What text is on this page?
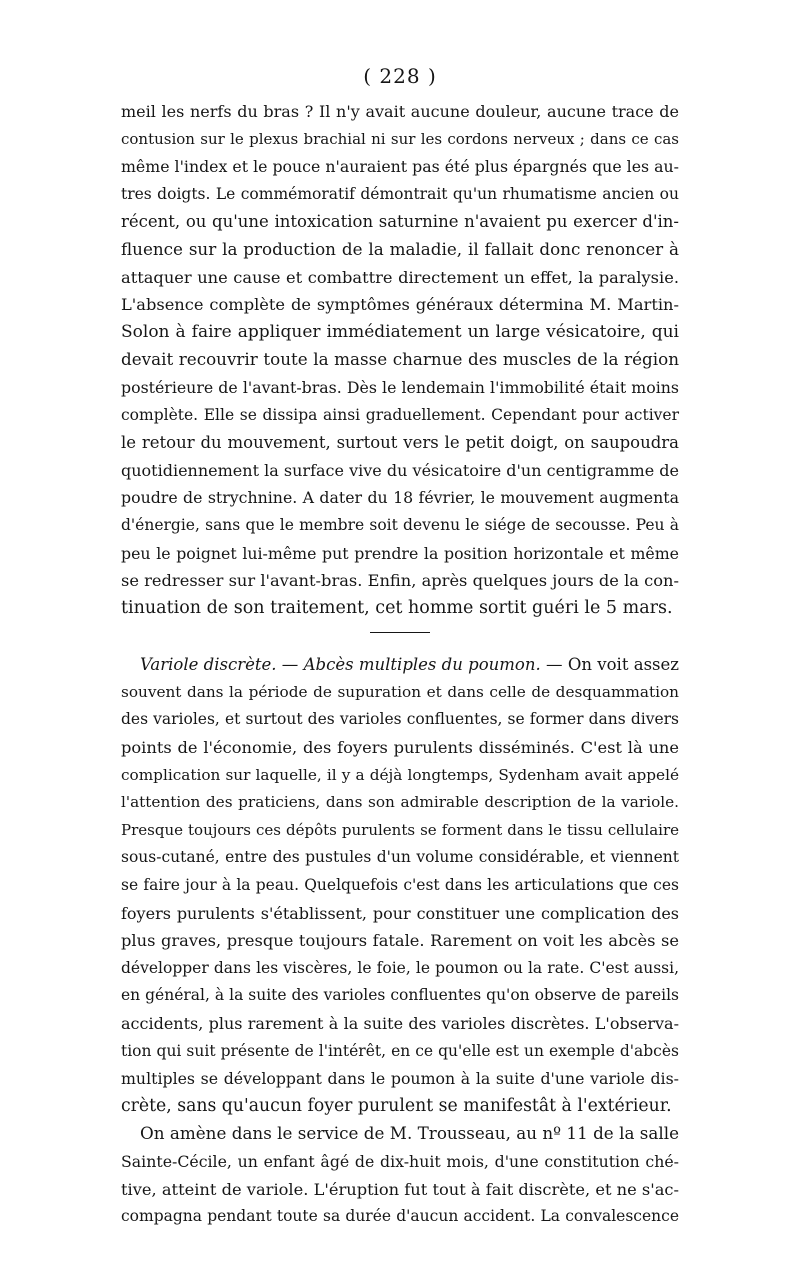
( 228 )

meil les nerfs du bras ? Il n'y avait aucune douleur, aucune trace de
contusion sur le plexus brachial ni sur les cordons nerveux ; dans ce cas
même l'index et le pouce n'auraient pas été plus épargnés que les au-
tres doigts. Le commémoratif démontrait qu'un rhumatisme ancien ou
récent, ou qu'une intoxication saturnine n'avaient pu exercer d'in-
fluence sur la production de la maladie, il fallait donc renoncer à
attaquer une cause et combattre directement un effet, la paralysie.
L'absence complète de symptômes généraux détermina M. Martin-
Solon à faire appliquer immédiatement un large vésicatoire, qui
devait recouvrir toute la masse charnue des muscles de la région
postérieure de l'avant-bras. Dès le lendemain l'immobilité était moins
complète. Elle se dissipa ainsi graduellement. Cependant pour activer
le retour du mouvement, surtout vers le petit doigt, on saupoudra
quotidiennement la surface vive du vésicatoire d'un centigramme de
poudre de strychnine. A dater du 18 février, le mouvement augmenta
d'énergie, sans que le membre soit devenu le siége de secousse. Peu à
peu le poignet lui-même put prendre la position horizontale et même
se redresser sur l'avant-bras. Enfin, après quelques jours de la con-
tinuation de son traitement, cet homme sortit guéri le 5 mars.

Variole discrète. — Abcès multiples du poumon. — On voit assez
souvent dans la période de supuration et dans celle de desquammation
des varioles, et surtout des varioles confluentes, se former dans divers
points de l'économie, des foyers purulents disséminés. C'est là une
complication sur laquelle, il y a déjà longtemps, Sydenham avait appelé
l'attention des praticiens, dans son admirable description de la variole.
Presque toujours ces dépôts purulents se forment dans le tissu cellulaire
sous-cutané, entre des pustules d'un volume considérable, et viennent
se faire jour à la peau. Quelquefois c'est dans les articulations que ces
foyers purulents s'établissent, pour constituer une complication des
plus graves, presque toujours fatale. Rarement on voit les abcès se
développer dans les viscères, le foie, le poumon ou la rate. C'est aussi,
en général, à la suite des varioles confluentes qu'on observe de pareils
accidents, plus rarement à la suite des varioles discrètes. L'observa-
tion qui suit présente de l'intérêt, en ce qu'elle est un exemple d'abcès
multiples se développant dans le poumon à la suite d'une variole dis-
crète, sans qu'aucun foyer purulent se manifestât à l'extérieur.

On amène dans le service de M. Trousseau, au nº 11 de la salle
Sainte-Cécile, un enfant âgé de dix-huit mois, d'une constitution ché-
tive, atteint de variole. L'éruption fut tout à fait discrète, et ne s'ac-
compagna pendant toute sa durée d'aucun accident. La convalescence
